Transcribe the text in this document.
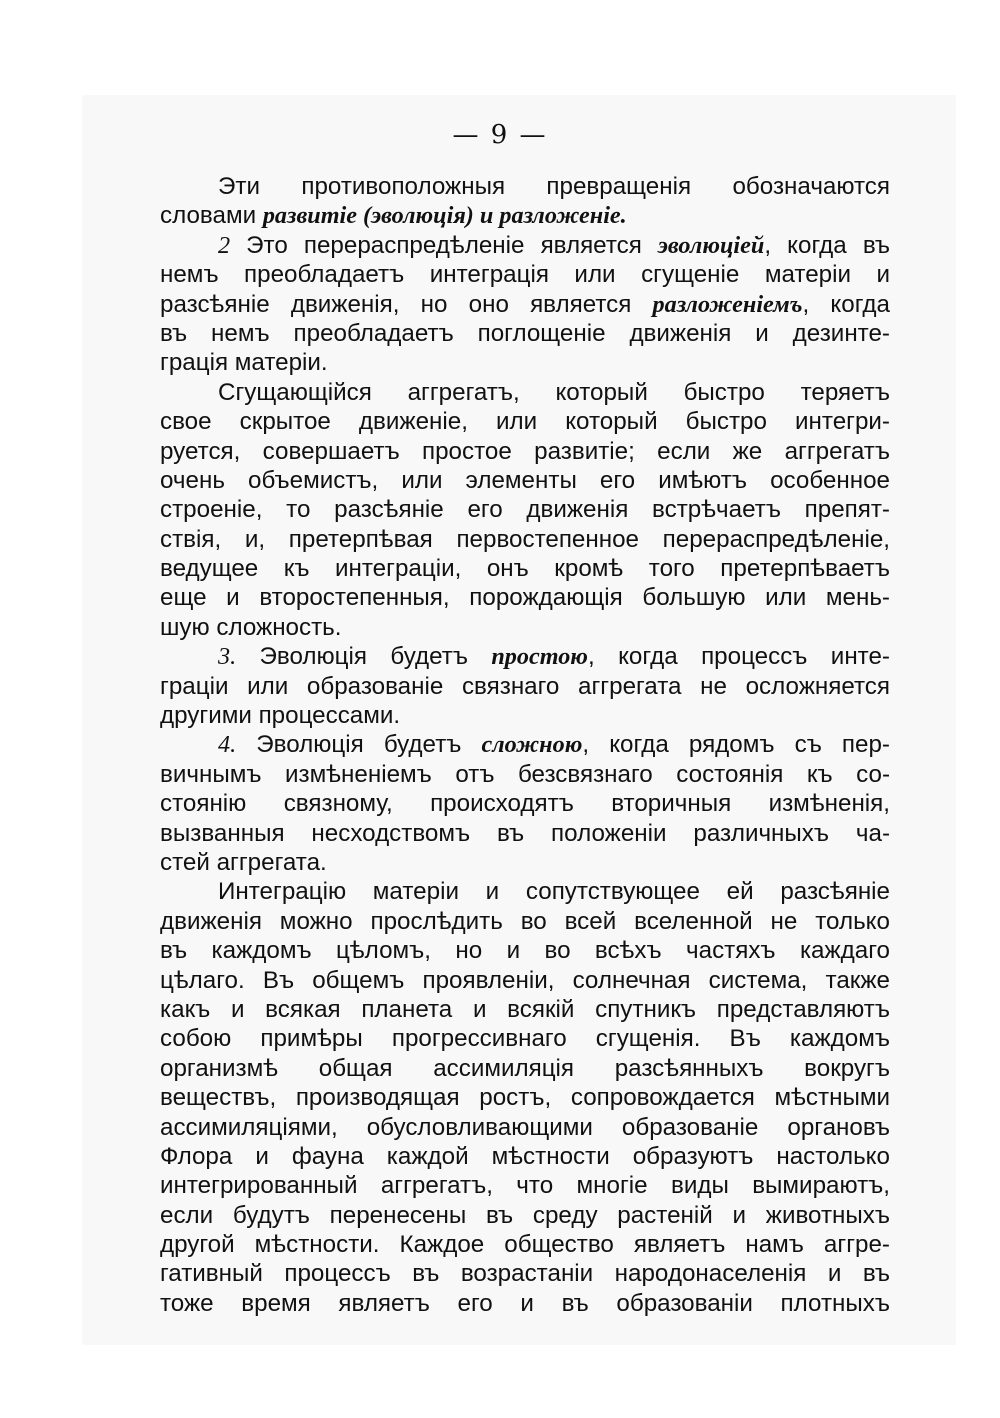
— 9 —
Эти противоположныя превращенія обозначаются
словами развитіе (эволюція) и разложеніе.
2 Это перераспредѣленіе является эволюціей, когда въ
немъ преобладаетъ интеграція или сгущеніе матеріи и
разсѣяніе движенія, но оно является разложеніемъ, когда
въ немъ преобладаетъ поглощеніе движенія и дезинте-
грація матеріи.
Сгущающійся аггрегатъ, который быстро теряетъ
свое скрытое движеніе, или который быстро интегри-
руется, совершаетъ простое развитіе; если же аггрегатъ
очень объемистъ, или элементы его имѣютъ особенное
строеніе, то разсѣяніе его движенія встрѣчаетъ препят-
ствія, и, претерпѣвая первостепенное перераспредѣленіе,
ведущее къ интеграціи, онъ кромѣ того претерпѣваетъ
еще и второстепенныя, порождающія большую или мень-
шую сложность.
3. Эволюція будетъ простою, когда процессъ инте-
граціи или образованіе связнаго аггрегата не осложняется
другими процессами.
4. Эволюція будетъ сложною, когда рядомъ съ пер-
вичнымъ измѣненіемъ отъ безсвязнаго состоянія къ со-
стоянію связному, происходятъ вторичныя измѣненія,
вызванныя несходствомъ въ положеніи различныхъ ча-
стей аггрегата.
Интеграцію матеріи и сопутствующее ей разсѣяніе
движенія можно прослѣдить во всей вселенной не только
въ каждомъ цѣломъ, но и во всѣхъ частяхъ каждаго
цѣлаго. Въ общемъ проявленіи, солнечная система, также
какъ и всякая планета и всякій спутникъ представляютъ
собою примѣры прогрессивнаго сгущенія. Въ каждомъ
организмѣ общая ассимиляція разсѣянныхъ вокругъ
веществъ, производящая ростъ, сопровождается мѣстными
ассимиляціями, обусловливающими образованіе органовъ
Флора и фауна каждой мѣстности образуютъ настолько
интегрированный аггрегатъ, что многіе виды вымираютъ,
если будутъ перенесены въ среду растеній и животныхъ
другой мѣстности. Каждое общество являетъ намъ аггре-
гативный процессъ въ возрастаніи народонаселенія и въ
тоже время являетъ его и въ образованіи плотныхъ
